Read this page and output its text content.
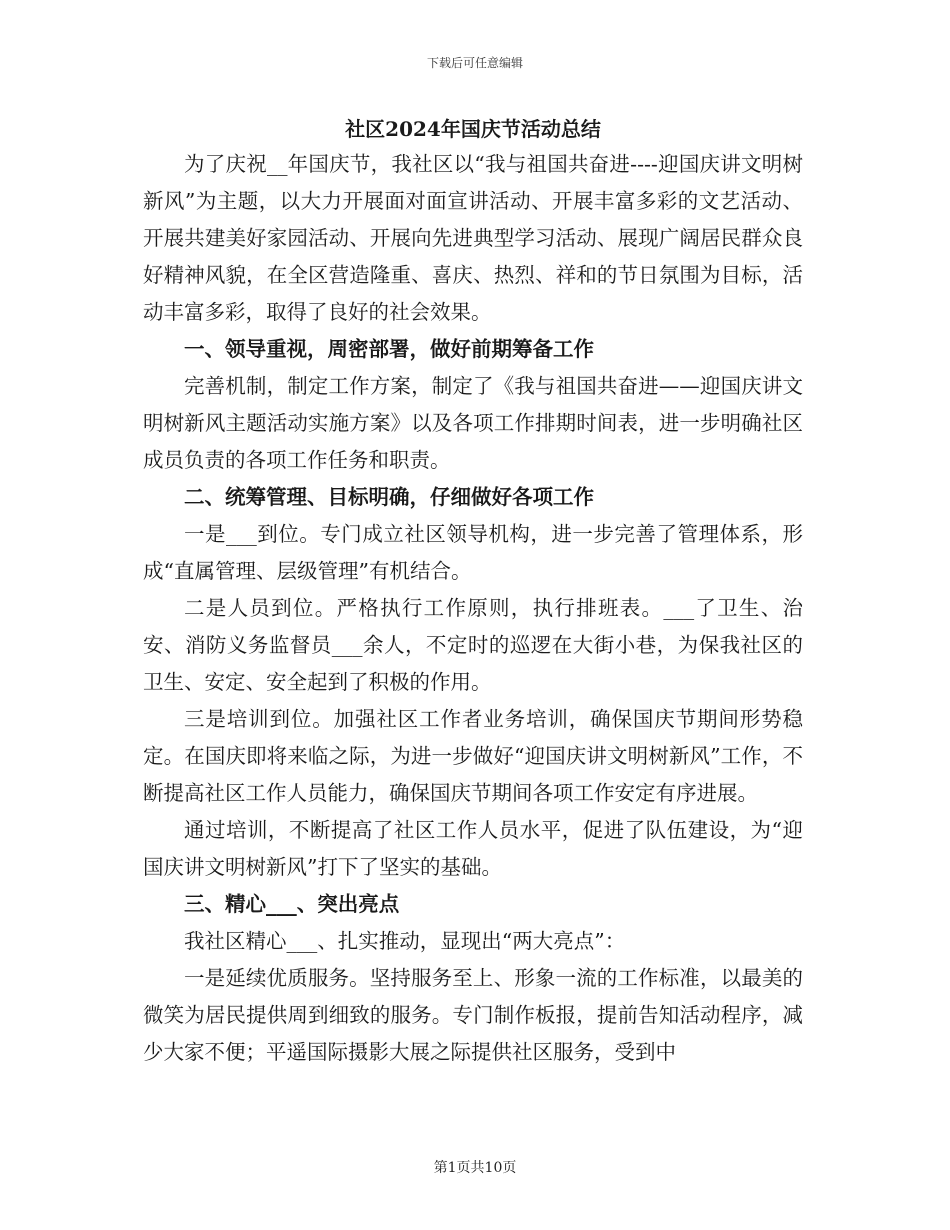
下载后可任意编辑
社区2024年国庆节活动总结

为了庆祝__年国庆节，我社区以“我与祖国共奋进----迎国庆讲文明树新风”为主题，以大力开展面对面宣讲活动、开展丰富多彩的文艺活动、开展共建美好家园活动、开展向先进典型学习活动、展现广阔居民群众良好精神风貌，在全区营造隆重、喜庆、热烈、祥和的节日氛围为目标，活动丰富多彩，取得了良好的社会效果。

一、领导重视，周密部署，做好前期筹备工作

完善机制，制定工作方案，制定了《我与祖国共奋进——迎国庆讲文明树新风主题活动实施方案》以及各项工作排期时间表，进一步明确社区成员负责的各项工作任务和职责。

二、统筹管理、目标明确，仔细做好各项工作

一是___到位。专门成立社区领导机构，进一步完善了管理体系，形成“直属管理、层级管理”有机结合。

二是人员到位。严格执行工作原则，执行排班表。___了卫生、治安、消防义务监督员___余人，不定时的巡逻在大街小巷，为保我社区的卫生、安定、安全起到了积极的作用。

三是培训到位。加强社区工作者业务培训，确保国庆节期间形势稳定。在国庆即将来临之际，为进一步做好“迎国庆讲文明树新风”工作，不断提高社区工作人员能力，确保国庆节期间各项工作安定有序进展。

通过培训，不断提高了社区工作人员水平，促进了队伍建设，为“迎国庆讲文明树新风”打下了坚实的基础。

三、精心___、突出亮点

我社区精心___、扎实推动，显现出“两大亮点”：

一是延续优质服务。坚持服务至上、形象一流的工作标准，以最美的微笑为居民提供周到细致的服务。专门制作板报，提前告知活动程序，减少大家不便；平遥国际摄影大展之际提供社区服务，受到中

第1页共10页
